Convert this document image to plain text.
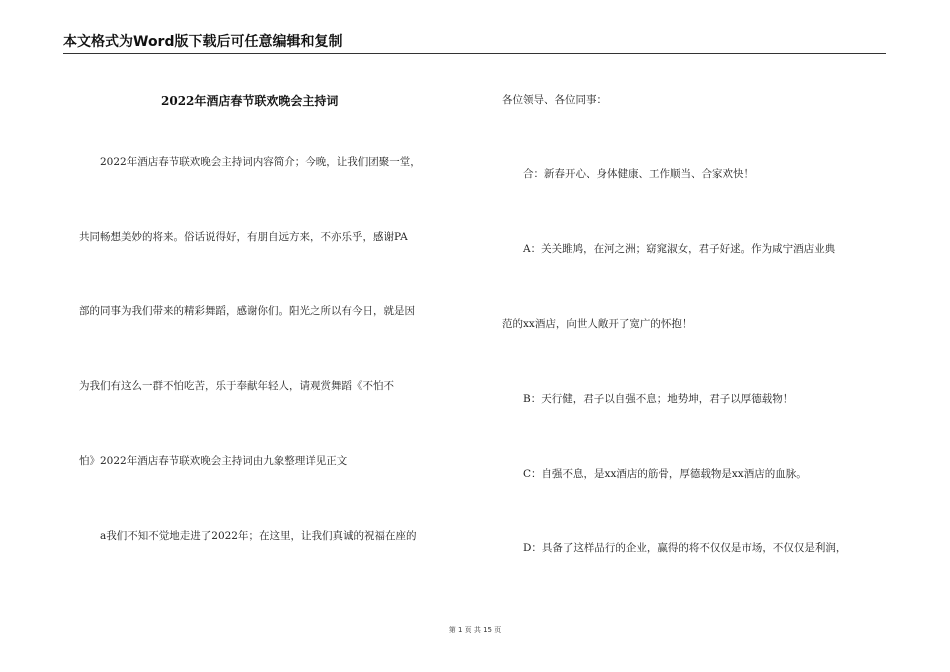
本文格式为Word版下载后可任意编辑和复制
2022年酒店春节联欢晚会主持词
2022年酒店春节联欢晚会主持词内容简介；今晚，让我们团聚一堂，
共同畅想美妙的将来。俗话说得好，有朋自远方来，不亦乐乎，感谢PA
部的同事为我们带来的精彩舞蹈，感谢你们。阳光之所以有今日，就是因
为我们有这么一群不怕吃苦，乐于奉献年轻人，请观赏舞蹈《不怕不
怕》2022年酒店春节联欢晚会主持词由九象整理详见正文
a我们不知不觉地走进了2022年；在这里，让我们真诚的祝福在座的
各位领导、各位同事：
合：新春开心、身体健康、工作顺当、合家欢快！
A：关关雎鸠，在河之洲；窈窕淑女，君子好逑。作为咸宁酒店业典
范的xx酒店，向世人敞开了宽广的怀抱！
B：天行健，君子以自强不息；地势坤，君子以厚德载物！
C：自强不息，是xx酒店的筋骨，厚德载物是xx酒店的血脉。
D：具备了这样品行的企业，赢得的将不仅仅是市场，不仅仅是利润，
第 1 页 共 15 页
